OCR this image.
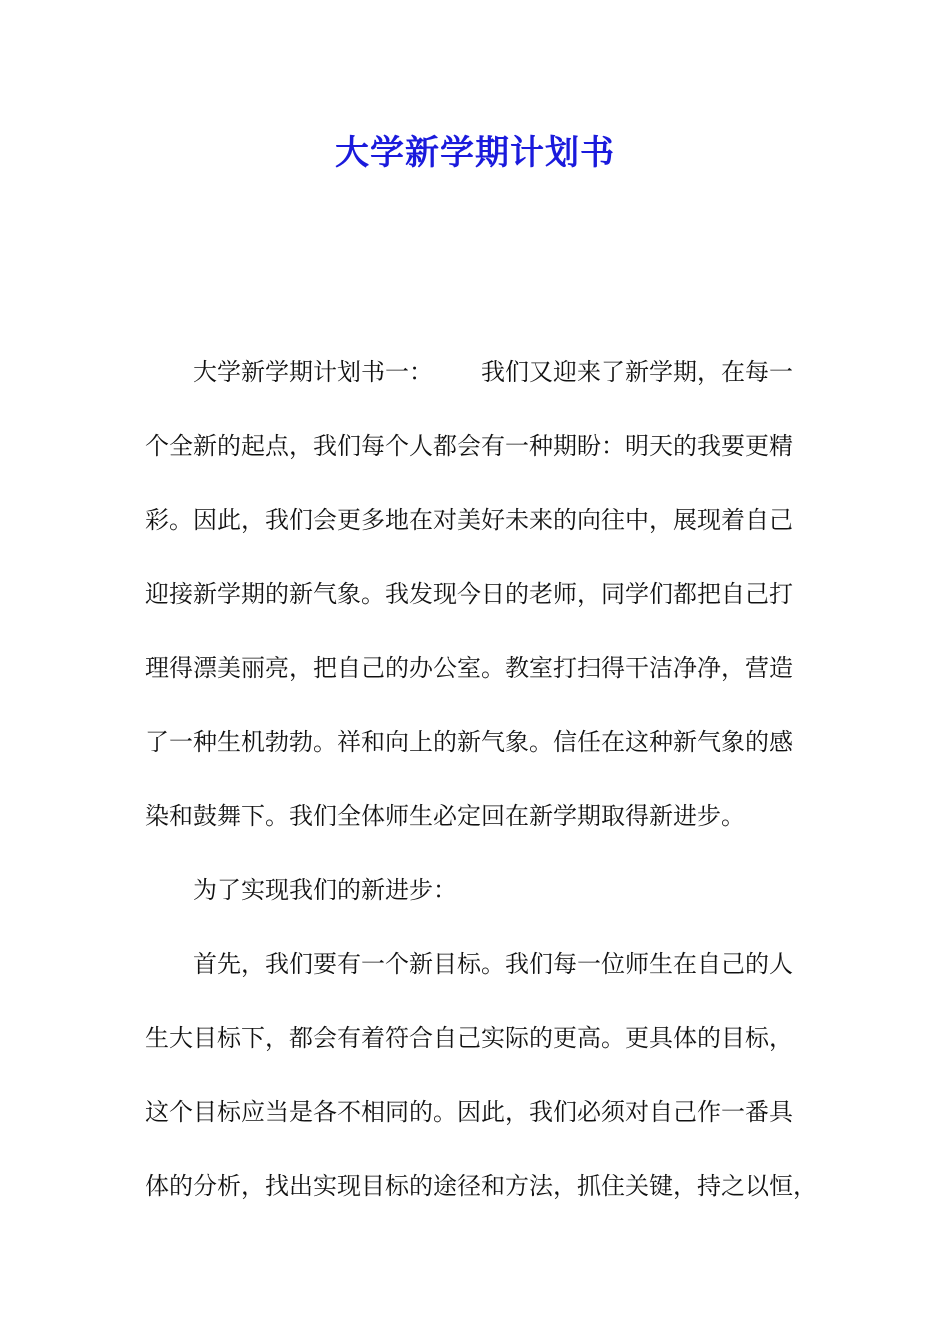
大学新学期计划书
大学新学期计划书一： 我们又迎来了新学期，在每一
个全新的起点，我们每个人都会有一种期盼：明天的我要更精
彩。因此，我们会更多地在对美好未来的向往中，展现着自己
迎接新学期的新气象。我发现今日的老师，同学们都把自己打
理得漂美丽亮，把自己的办公室。教室打扫得干洁净净，营造
了一种生机勃勃。祥和向上的新气象。信任在这种新气象的感
染和鼓舞下。我们全体师生必定回在新学期取得新进步。
为了实现我们的新进步：
首先，我们要有一个新目标。我们每一位师生在自己的人
生大目标下，都会有着符合自己实际的更高。更具体的目标，
这个目标应当是各不相同的。因此，我们必须对自己作一番具
体的分析，找出实现目标的途径和方法，抓住关键，持之以恒，
